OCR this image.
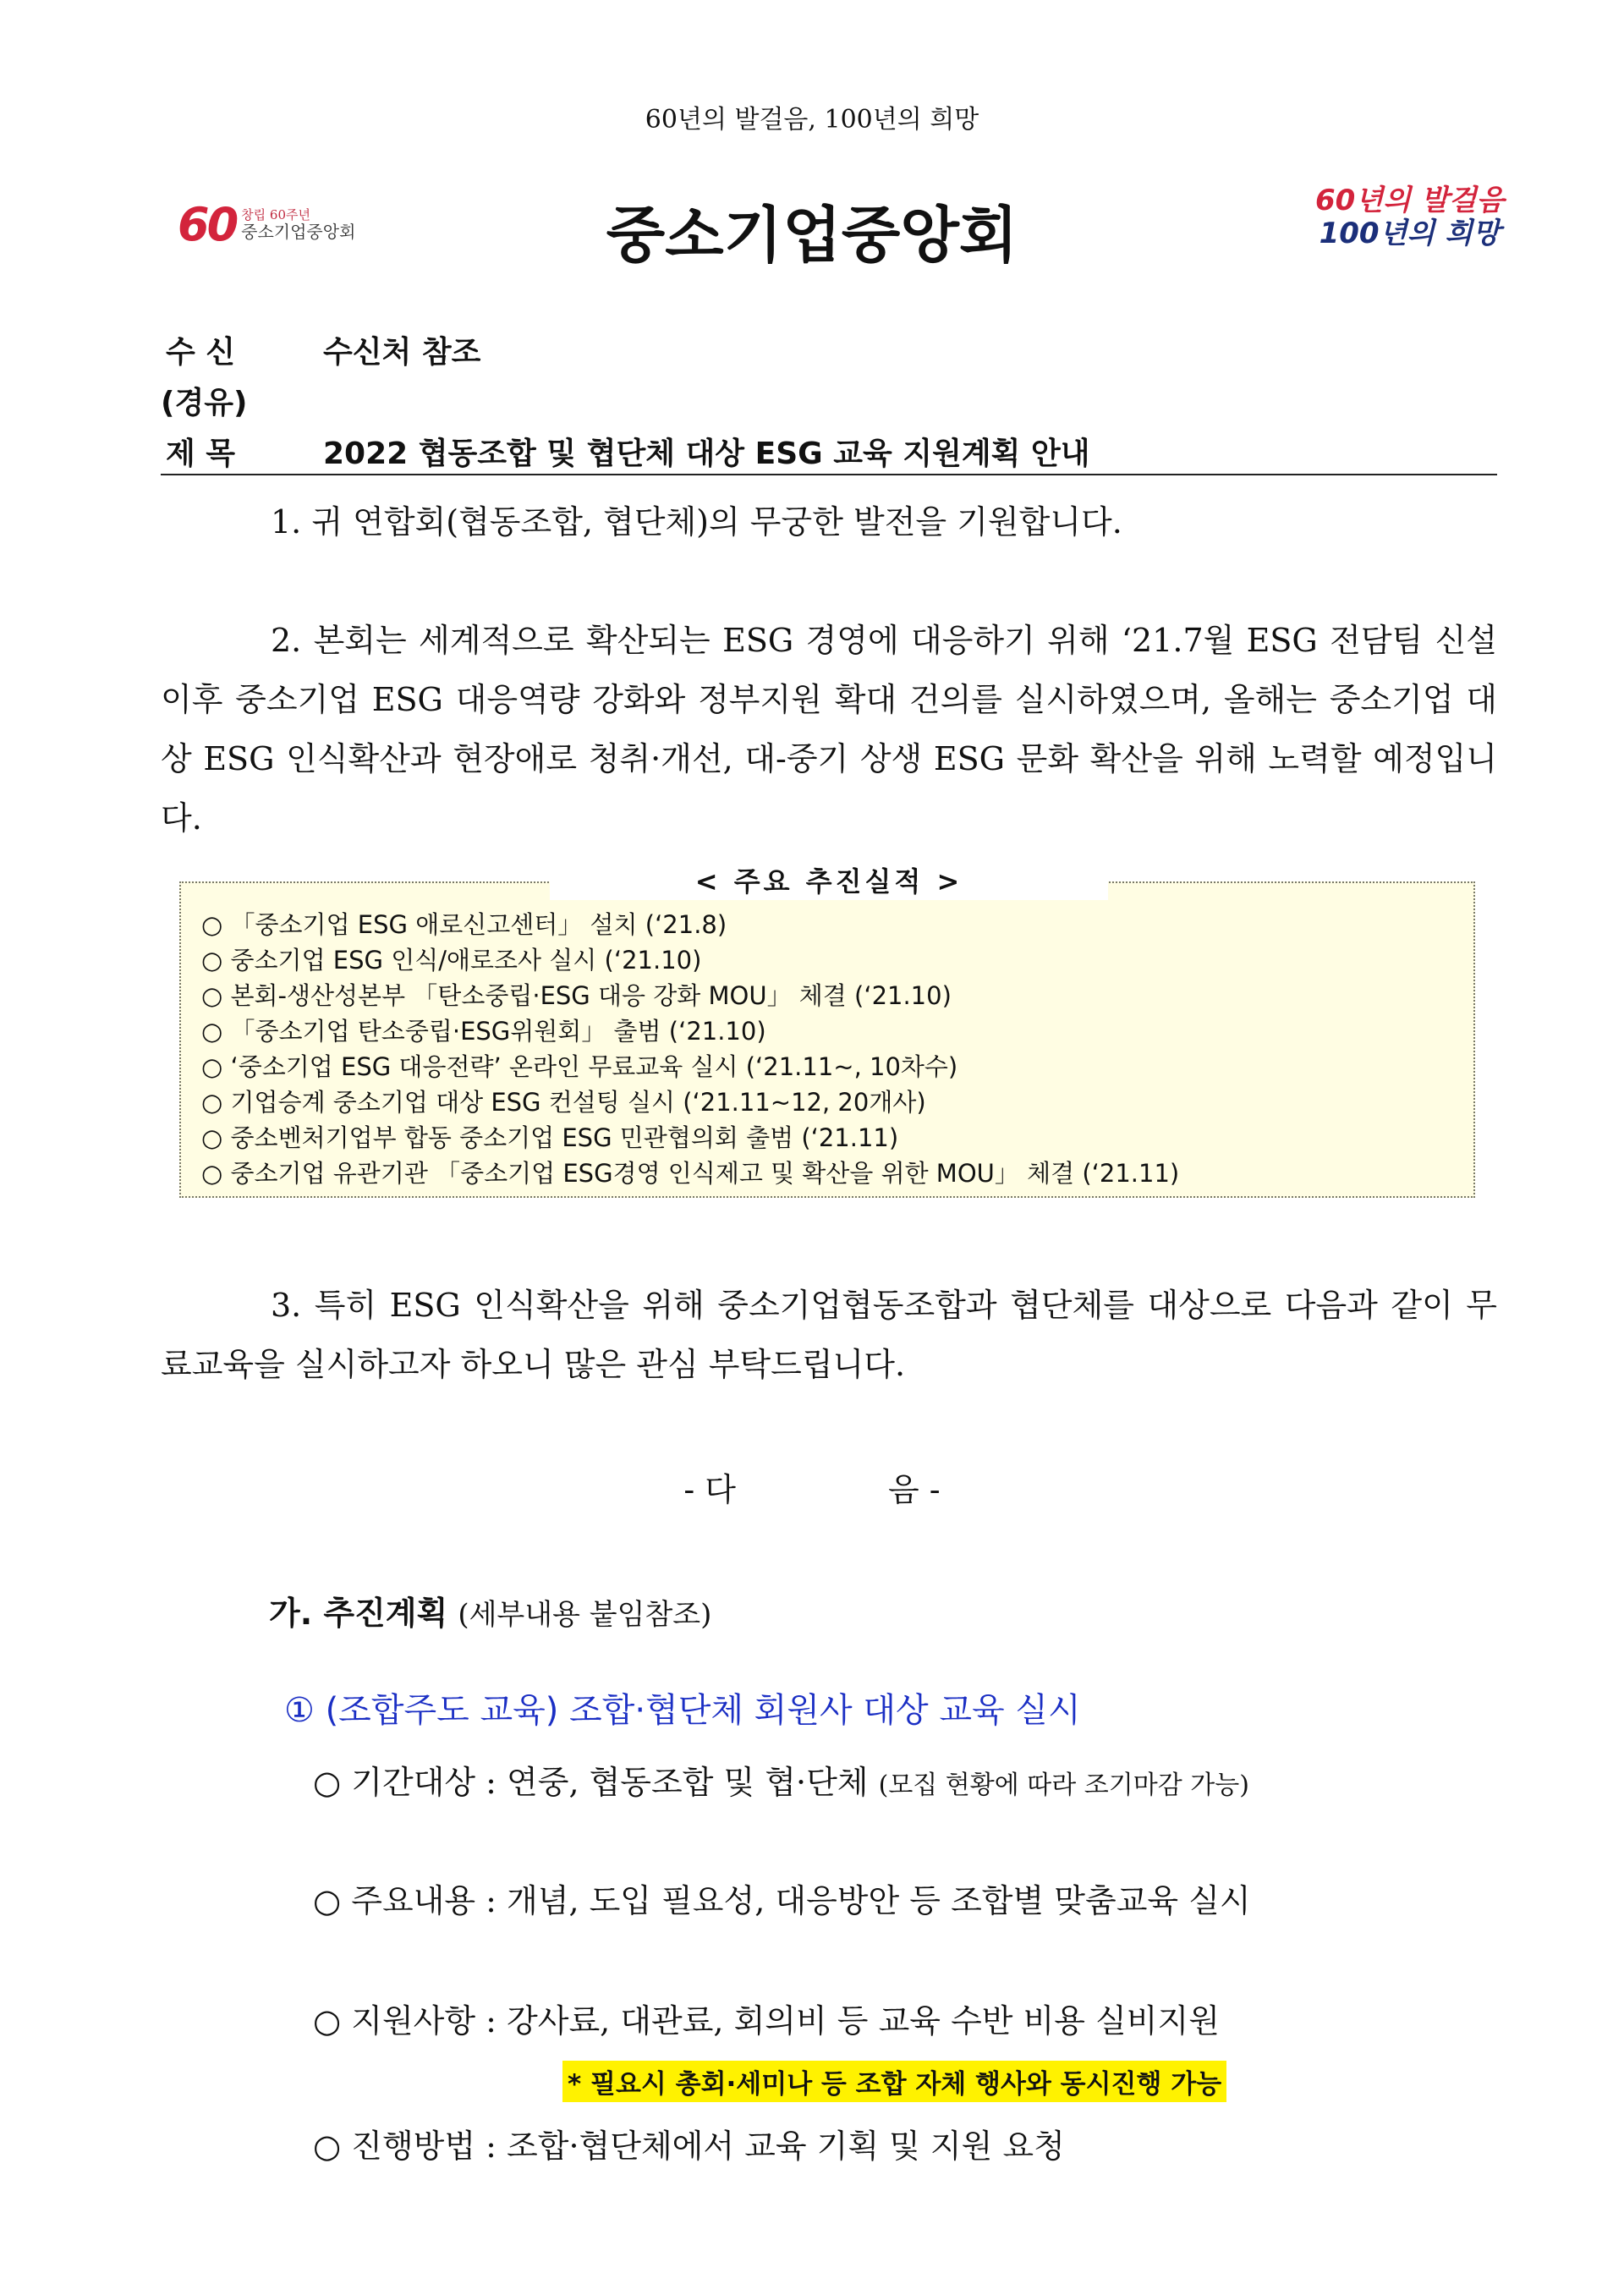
60년의 발걸음, 100년의 희망
60 창립 60주년
중소기업중앙회	중소기업중앙회	60년의 발걸음
100년의 희망
수 신	수신처 참조
(경유)
제 목	2022 협동조합 및 협단체 대상 ESG 교육 지원계획 안내
1. 귀 연합회(협동조합, 협단체)의 무궁한 발전을 기원합니다.
2. 본회는 세계적으로 확산되는 ESG 경영에 대응하기 위해 ‘21.7월 ESG 전담팀 신설 이후 중소기업 ESG 대응역량 강화와 정부지원 확대 건의를 실시하였으며, 올해는 중소기업 대상 ESG 인식확산과 현장애로 청취·개선, 대-중기 상생 ESG 문화 확산을 위해 노력할 예정입니다.
< 주요 추진실적 >
○ 「중소기업 ESG 애로신고센터」 설치 (‘21.8)
○ 중소기업 ESG 인식/애로조사 실시 (‘21.10)
○ 본회-생산성본부 「탄소중립·ESG 대응 강화 MOU」 체결 (‘21.10)
○ 「중소기업 탄소중립·ESG위원회」 출범 (‘21.10)
○ ‘중소기업 ESG 대응전략’ 온라인 무료교육 실시 (‘21.11~, 10차수)
○ 기업승계 중소기업 대상 ESG 컨설팅 실시 (‘21.11~12, 20개사)
○ 중소벤처기업부 합동 중소기업 ESG 민관협의회 출범 (‘21.11)
○ 중소기업 유관기관 「중소기업 ESG경영 인식제고 및 확산을 위한 MOU」 체결 (‘21.11)
3. 특히 ESG 인식확산을 위해 중소기업협동조합과 협단체를 대상으로 다음과 같이 무료교육을 실시하고자 하오니 많은 관심 부탁드립니다.
- 다	음 -
가. 추진계획 (세부내용 붙임참조)
① (조합주도 교육) 조합·협단체 회원사 대상 교육 실시
○ 기간대상 : 연중, 협동조합 및 협·단체 (모집 현황에 따라 조기마감 가능)
○ 주요내용 : 개념, 도입 필요성, 대응방안 등 조합별 맞춤교육 실시
○ 지원사항 : 강사료, 대관료, 회의비 등 교육 수반 비용 실비지원
* 필요시 총회·세미나 등 조합 자체 행사와 동시진행 가능
○ 진행방법 : 조합·협단체에서 교육 기획 및 지원 요청
